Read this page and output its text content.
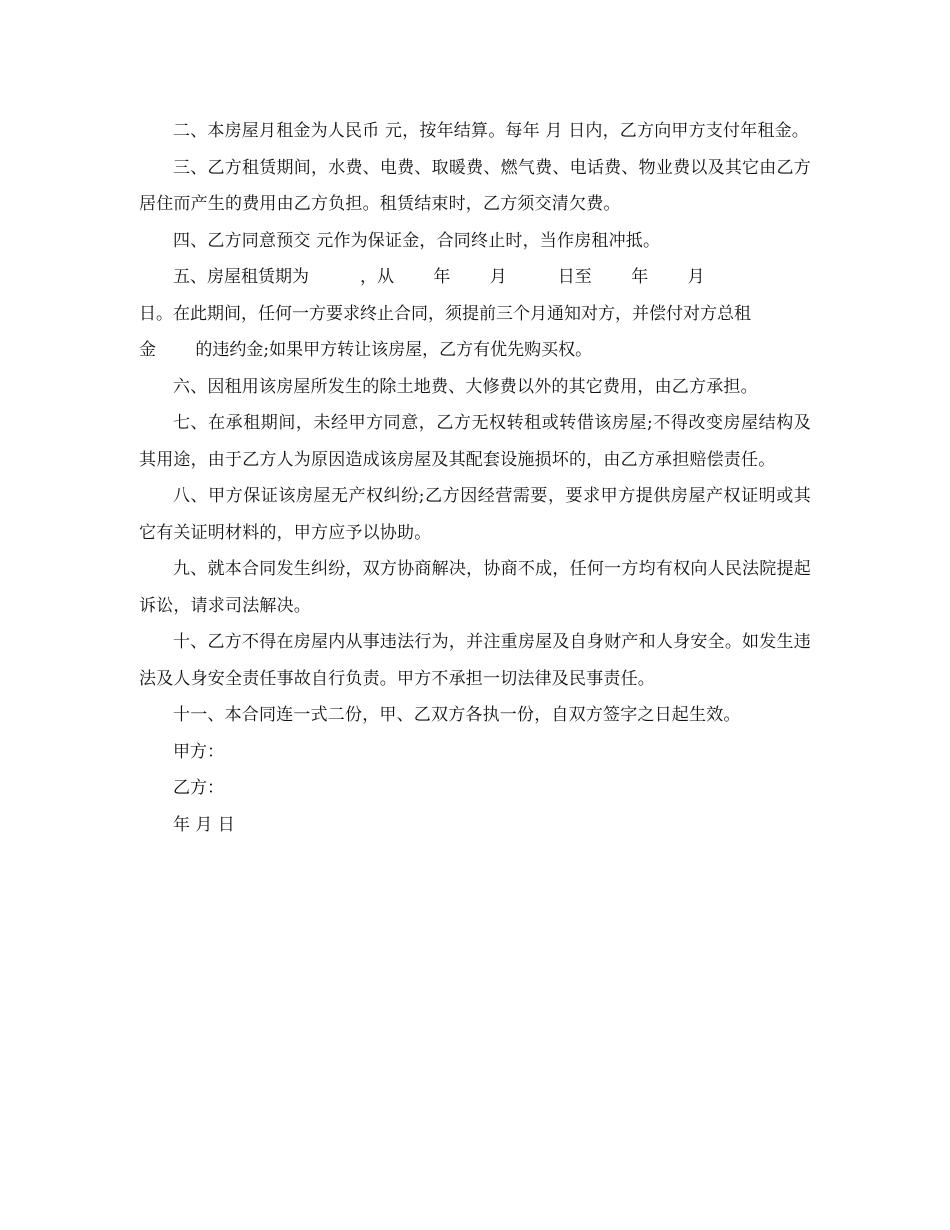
二、本房屋月租金为人民币 元，按年结算。每年 月 日内，乙方向甲方支付年租金。

三、乙方租赁期间，水费、电费、取暖费、燃气费、电话费、物业费以及其它由乙方居住而产生的费用由乙方负担。租赁结束时，乙方须交清欠费。

四、乙方同意预交 元作为保证金，合同终止时，当作房租冲抵。

五、房屋租赁期为　　　，从　　 年　　 月　　　日至　　 年　　 月

日。在此期间，任何一方要求终止合同，须提前三个月通知对方，并偿付对方总租

金　　 的违约金;如果甲方转让该房屋，乙方有优先购买权。

六、因租用该房屋所发生的除土地费、大修费以外的其它费用，由乙方承担。

七、在承租期间，未经甲方同意，乙方无权转租或转借该房屋;不得改变房屋结构及其用途，由于乙方人为原因造成该房屋及其配套设施损坏的，由乙方承担赔偿责任。

八、甲方保证该房屋无产权纠纷;乙方因经营需要，要求甲方提供房屋产权证明或其它有关证明材料的，甲方应予以协助。

九、就本合同发生纠纷，双方协商解决，协商不成，任何一方均有权向人民法院提起诉讼，请求司法解决。

十、乙方不得在房屋内从事违法行为，并注重房屋及自身财产和人身安全。如发生违法及人身安全责任事故自行负责。甲方不承担一切法律及民事责任。

十一、本合同连一式二份，甲、乙双方各执一份，自双方签字之日起生效。

甲方：

乙方：

年 月 日
